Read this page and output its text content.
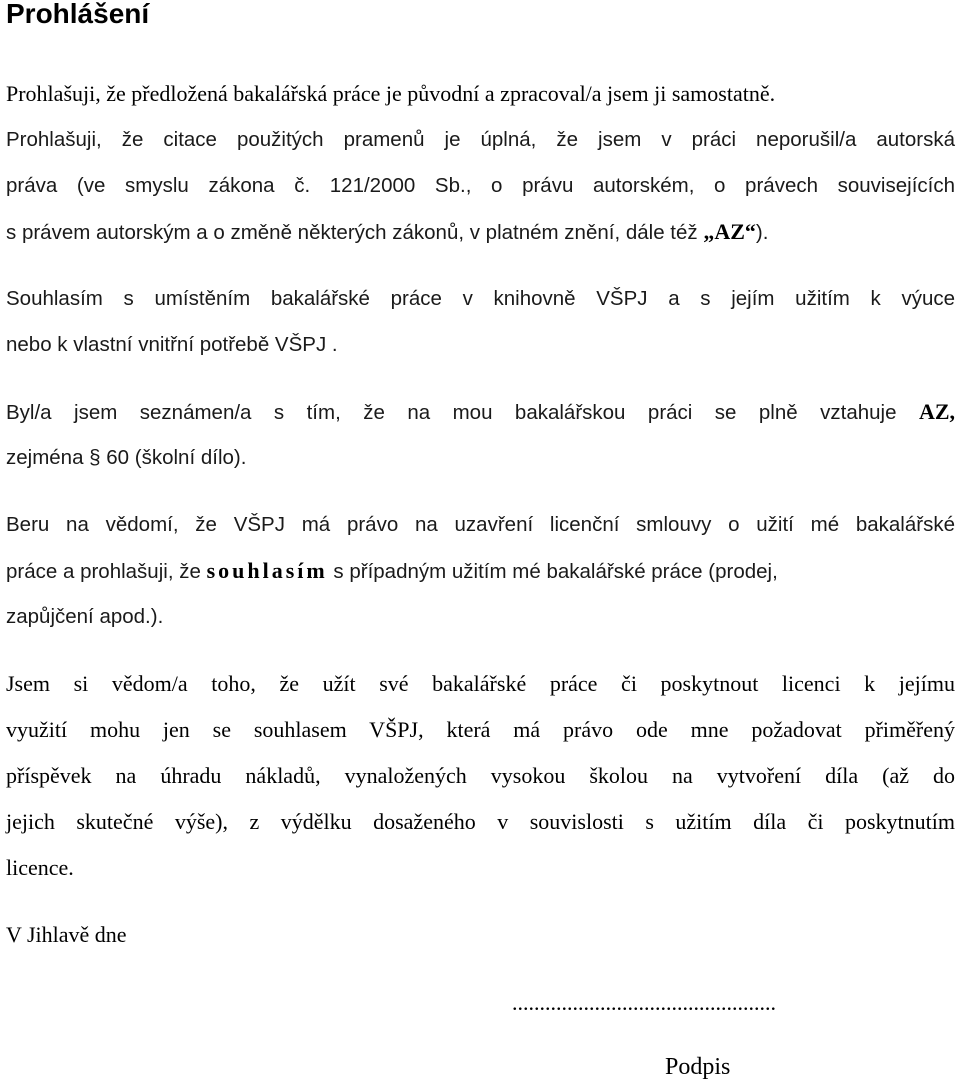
Prohlášení
Prohlašuji, že předložená bakalářská práce je původní a zpracoval/a jsem ji samostatně.
Prohlašuji, že citace použitých pramenů je úplná, že jsem v práci neporušil/a autorská
práva (ve smyslu zákona č. 121/2000 Sb., o právu autorském, o právech souvisejících
s právem autorským a o změně některých zákonů, v platném znění, dále též „AZ“).
Souhlasím s umístěním bakalářské práce v knihovně VŠPJ a s jejím užitím k výuce
nebo k vlastní vnitřní potřebě VŠPJ .
Byl/a jsem seznámen/a s tím, že na mou bakalářskou práci se plně vztahuje AZ,
zejména § 60 (školní dílo).
Beru na vědomí, že VŠPJ má právo na uzavření licenční smlouvy o užití mé bakalářské
práce a prohlašuji, že souhlasím s případným užitím mé bakalářské práce (prodej,
zapůjčení apod.).
Jsem si vědom/a toho, že užít své bakalářské práce či poskytnout licenci k jejímu
využití mohu jen se souhlasem VŠPJ, která má právo ode mne požadovat přiměřený
příspěvek na úhradu nákladů, vynaložených vysokou školou na vytvoření díla (až do
jejich skutečné výše), z výdělku dosaženého v souvislosti s užitím díla či poskytnutím
licence.
V Jihlavě dne
................................................
Podpis
